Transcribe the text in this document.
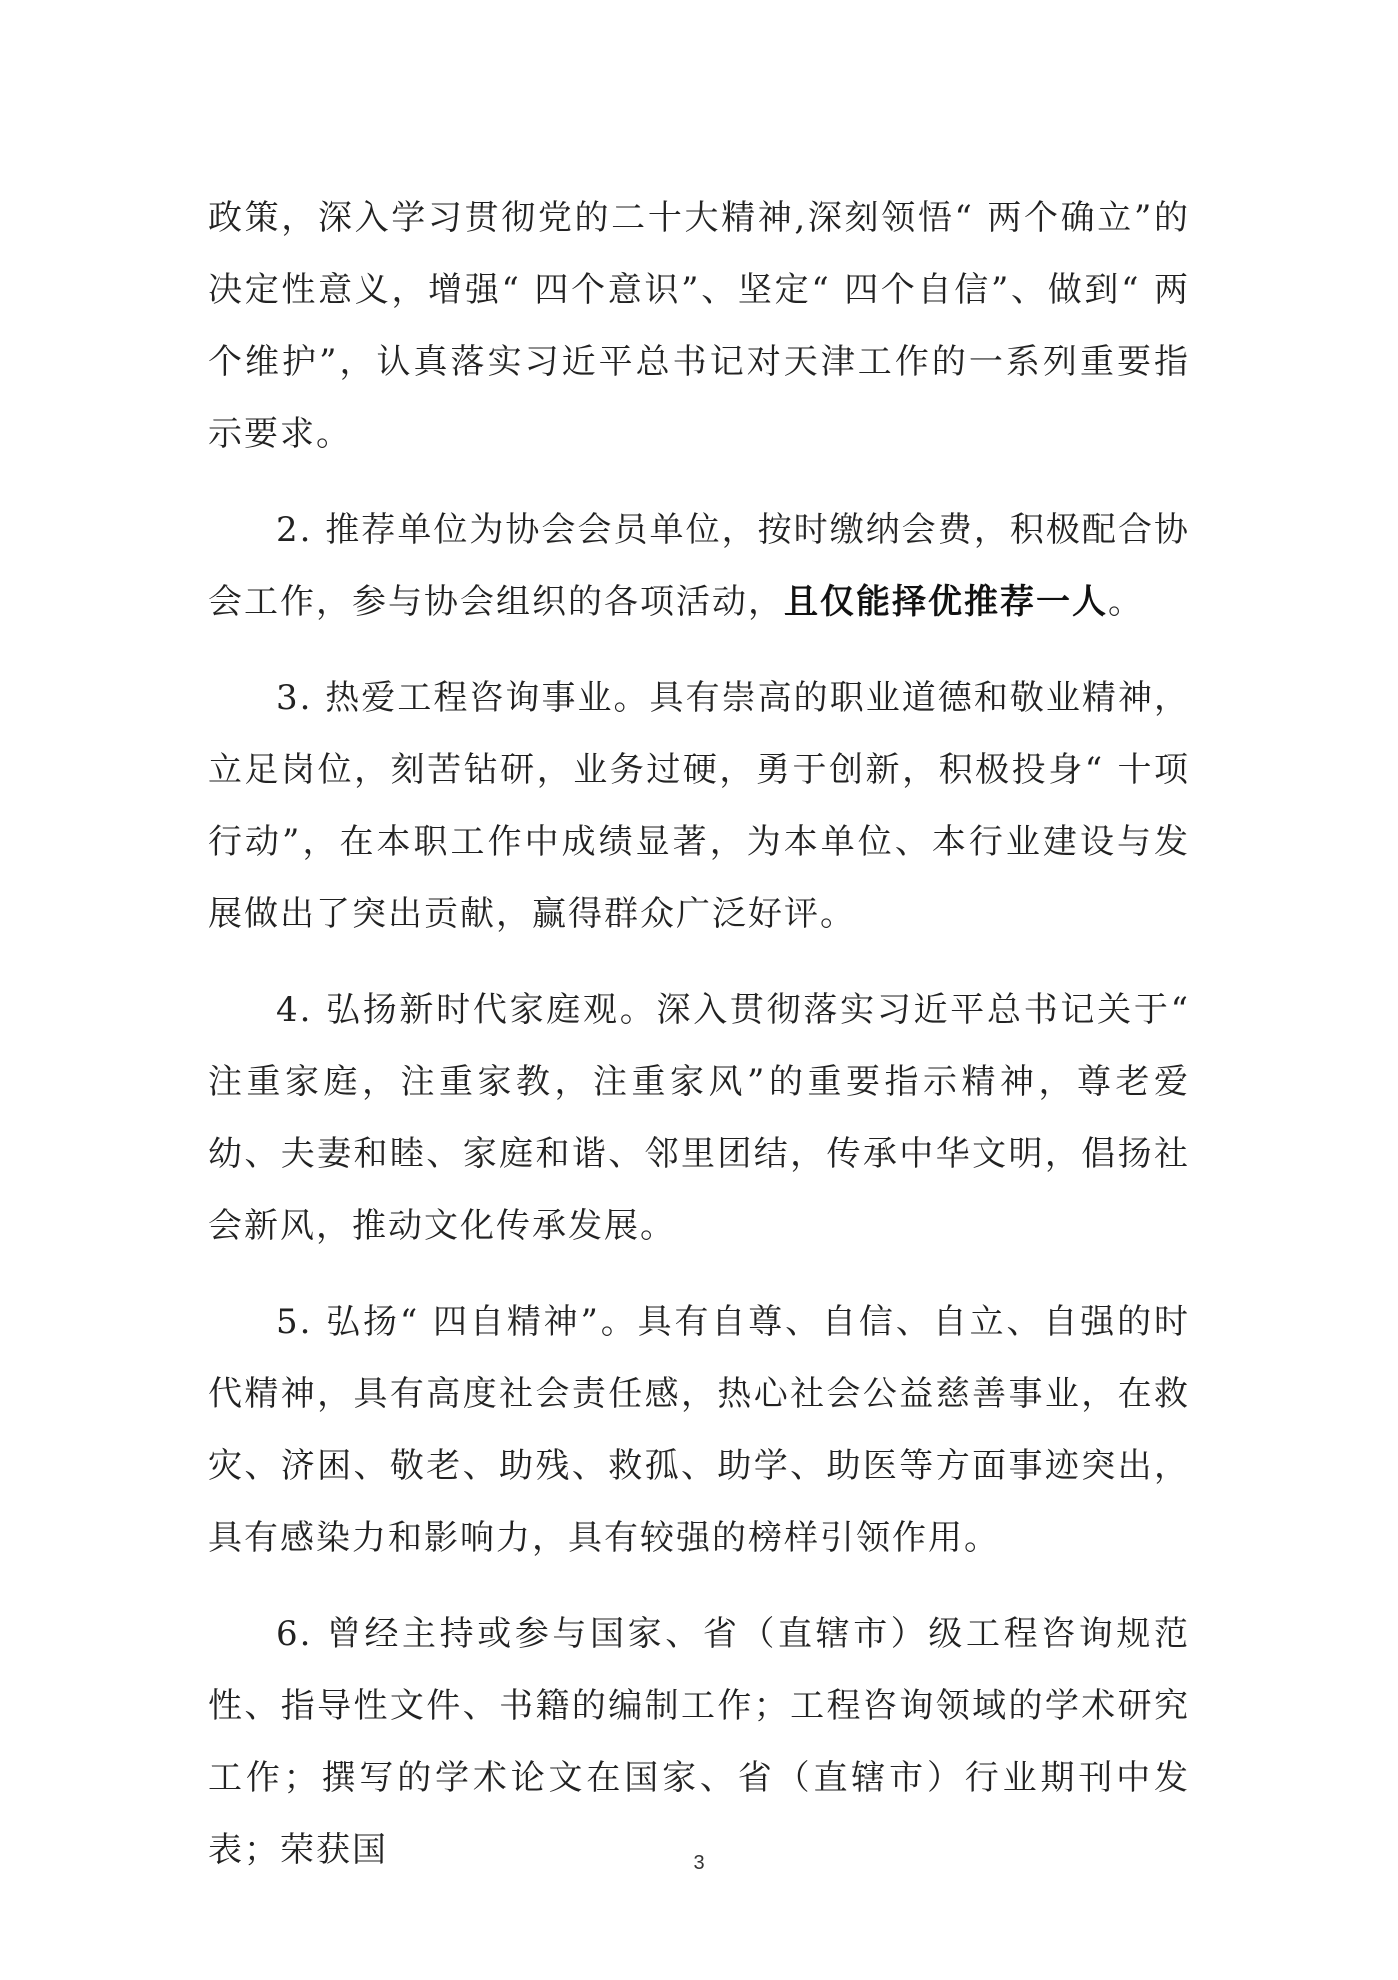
政策，深入学习贯彻党的二十大精神,深刻领悟“ 两个确立”的决定性意义，增强“ 四个意识”、坚定“ 四个自信”、做到“ 两个维护”，认真落实习近平总书记对天津工作的一系列重要指示要求。

2. 推荐单位为协会会员单位，按时缴纳会费，积极配合协会工作，参与协会组织的各项活动，且仅能择优推荐一人。

3. 热爱工程咨询事业。具有崇高的职业道德和敬业精神，立足岗位，刻苦钻研，业务过硬，勇于创新，积极投身“ 十项行动”，在本职工作中成绩显著，为本单位、本行业建设与发展做出了突出贡献，赢得群众广泛好评。

4. 弘扬新时代家庭观。深入贯彻落实习近平总书记关于“ 注重家庭，注重家教，注重家风”的重要指示精神，尊老爱幼、夫妻和睦、家庭和谐、邻里团结，传承中华文明，倡扬社会新风，推动文化传承发展。

5. 弘扬“ 四自精神”。具有自尊、自信、自立、自强的时代精神，具有高度社会责任感，热心社会公益慈善事业，在救灾、济困、敬老、助残、救孤、助学、助医等方面事迹突出，具有感染力和影响力，具有较强的榜样引领作用。

6. 曾经主持或参与国家、省（直辖市）级工程咨询规范性、指导性文件、书籍的编制工作；工程咨询领域的学术研究工作；撰写的学术论文在国家、省（直辖市）行业期刊中发表；荣获国	3
